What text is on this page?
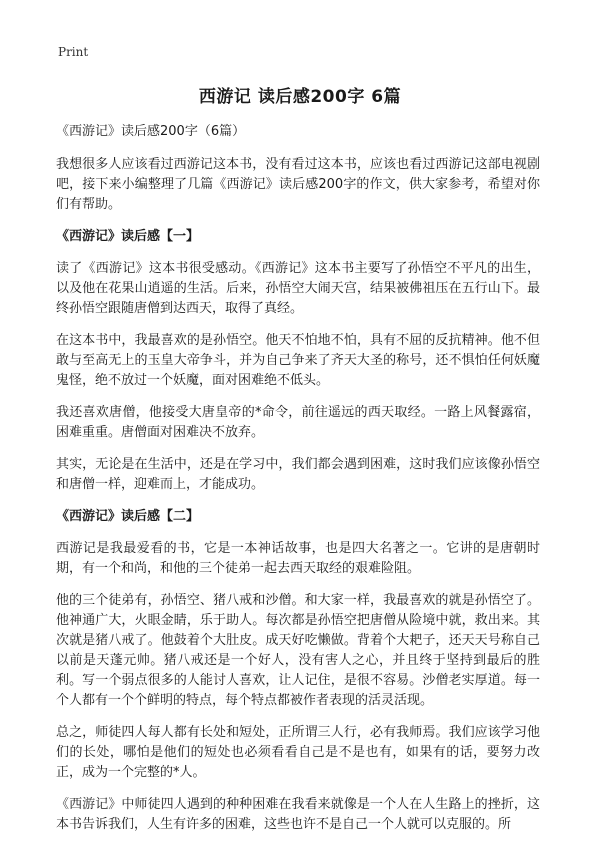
Print
西游记 读后感200字 6篇

《西游记》读后感200字（6篇）

我想很多人应该看过西游记这本书，没有看过这本书，应该也看过西游记这部电视剧吧，接下来小编整理了几篇《西游记》读后感200字的作文，供大家参考，希望对你们有帮助。

《西游记》读后感【一】

读了《西游记》这本书很受感动。《西游记》这本书主要写了孙悟空不平凡的出生，以及他在花果山逍遥的生活。后来，孙悟空大闹天宫，结果被佛祖压在五行山下。最终孙悟空跟随唐僧到达西天，取得了真经。

在这本书中，我最喜欢的是孙悟空。他天不怕地不怕，具有不屈的反抗精神。他不但敢与至高无上的玉皇大帝争斗，并为自己争来了齐天大圣的称号，还不惧怕任何妖魔鬼怪，绝不放过一个妖魔，面对困难绝不低头。

我还喜欢唐僧，他接受大唐皇帝的*命令，前往遥远的西天取经。一路上风餐露宿，困难重重。唐僧面对困难决不放弃。

其实，无论是在生活中，还是在学习中，我们都会遇到困难，这时我们应该像孙悟空和唐僧一样，迎难而上，才能成功。

《西游记》读后感【二】

西游记是我最爱看的书，它是一本神话故事，也是四大名著之一。它讲的是唐朝时期，有一个和尚，和他的三个徒弟一起去西天取经的艰难险阻。

他的三个徒弟有，孙悟空、猪八戒和沙僧。和大家一样，我最喜欢的就是孙悟空了。他神通广大，火眼金睛，乐于助人。每次都是孙悟空把唐僧从险境中就，救出来。其次就是猪八戒了。他鼓着个大肚皮。成天好吃懒做。背着个大耙子，还天天号称自己以前是天蓬元帅。猪八戒还是一个好人，没有害人之心，并且终于坚持到最后的胜利。写一个弱点很多的人能讨人喜欢，让人记住，是很不容易。沙僧老实厚道。每一个人都有一个个鲜明的特点，每个特点都被作者表现的活灵活现。

总之，师徒四人每人都有长处和短处，正所谓三人行，必有我师焉。我们应该学习他们的长处，哪怕是他们的短处也必须看看自己是不是也有，如果有的话，要努力改正，成为一个完整的*人。

《西游记》中师徒四人遇到的种种困难在我看来就像是一个人在人生路上的挫折，这本书告诉我们，人生有许多的困难，这些也许不是自己一个人就可以克服的。所
